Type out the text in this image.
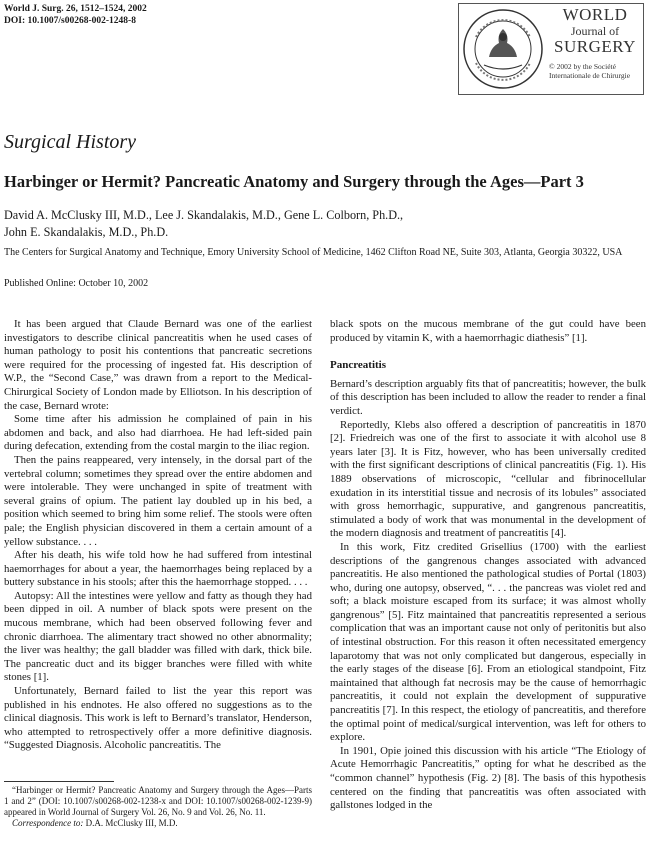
World J. Surg. 26, 1512–1524, 2002
DOI: 10.1007/s00268-002-1248-8	WORLD
Journal of
SURGERY
© 2002 by the Société
Internationale de Chirurgie
Surgical History
Harbinger or Hermit? Pancreatic Anatomy and Surgery through the Ages—Part 3
David A. McClusky III, M.D., Lee J. Skandalakis, M.D., Gene L. Colborn, Ph.D.,
John E. Skandalakis, M.D., Ph.D.
The Centers for Surgical Anatomy and Technique, Emory University School of Medicine, 1462 Clifton Road NE, Suite 303, Atlanta, Georgia 30322, USA
Published Online: October 10, 2002

It has been argued that Claude Bernard was one of the earliest investigators to describe clinical pancreatitis when he used cases of human pathology to posit his contentions that pancreatic secretions were required for the processing of ingested fat. His description of W.P., the “Second Case,” was drawn from a report to the Medical-Chirurgical Society of London made by Elliotson. In his description of the case, Bernard wrote:

Some time after his admission he complained of pain in his abdomen and back, and also had diarrhoea. He had left-sided pain during defecation, extending from the costal margin to the iliac region.

Then the pains reappeared, very intensely, in the dorsal part of the vertebral column; sometimes they spread over the entire abdomen and were intolerable. They were unchanged in spite of treatment with several grains of opium. The patient lay doubled up in his bed, a position which seemed to bring him some relief. The stools were often pale; the English physician discovered in them a certain amount of a yellow substance. . . .

After his death, his wife told how he had suffered from intestinal haemorrhages for about a year, the haemorrhages being replaced by a buttery substance in his stools; after this the haemorrhage stopped. . . .

Autopsy: All the intestines were yellow and fatty as though they had been dipped in oil. A number of black spots were present on the mucous membrane, which had been observed following fever and chronic diarrhoea. The alimentary tract showed no other abnormality; the liver was healthy; the gall bladder was filled with dark, thick bile. The pancreatic duct and its bigger branches were filled with white stones [1].

Unfortunately, Bernard failed to list the year this report was published in his endnotes. He also offered no suggestions as to the clinical diagnosis. This work is left to Bernard’s translator, Henderson, who attempted to retrospectively offer a more definitive diagnosis. “Suggested Diagnosis. Alcoholic pancreatitis. The

black spots on the mucous membrane of the gut could have been produced by vitamin K, with a haemorrhagic diathesis” [1].

Pancreatitis

Bernard’s description arguably fits that of pancreatitis; however, the bulk of this description has been included to allow the reader to render a final verdict.

Reportedly, Klebs also offered a description of pancreatitis in 1870 [2]. Friedreich was one of the first to associate it with alcohol use 8 years later [3]. It is Fitz, however, who has been universally credited with the first significant descriptions of clinical pancreatitis (Fig. 1). His 1889 observations of microscopic, “cellular and fibrinocellular exudation in its interstitial tissue and necrosis of its lobules” associated with gross hemorrhagic, suppurative, and gangrenous pancreatitis, stimulated a body of work that was monumental in the development of the modern diagnosis and treatment of pancreatitis [4].

In this work, Fitz credited Grisellius (1700) with the earliest descriptions of the gangrenous changes associated with advanced pancreatitis. He also mentioned the pathological studies of Portal (1803) who, during one autopsy, observed, “. . . the pancreas was violet red and soft; a black moisture escaped from its surface; it was almost wholly gangrenous” [5]. Fitz maintained that pancreatitis represented a serious complication that was an important cause not only of peritonitis but also of intestinal obstruction. For this reason it often necessitated emergency laparotomy that was not only complicated but dangerous, especially in the early stages of the disease [6]. From an etiological standpoint, Fitz maintained that although fat necrosis may be the cause of hemorrhagic pancreatitis, it could not explain the development of suppurative pancreatitis [7]. In this respect, the etiology of pancreatitis, and therefore the optimal point of medical/surgical intervention, was left for others to explore.

In 1901, Opie joined this discussion with his article “The Etiology of Acute Hemorrhagic Pancreatitis,” opting for what he described as the “common channel” hypothesis (Fig. 2) [8]. The basis of this hypothesis centered on the finding that pancreatitis was often associated with gallstones lodged in the

“Harbinger or Hermit? Pancreatic Anatomy and Surgery through the Ages—Parts 1 and 2” (DOI: 10.1007/s00268-002-1238-x and DOI: 10.1007/s00268-002-1239-9) appeared in World Journal of Surgery Vol. 26, No. 9 and Vol. 26, No. 11.

Correspondence to: D.A. McClusky III, M.D.
